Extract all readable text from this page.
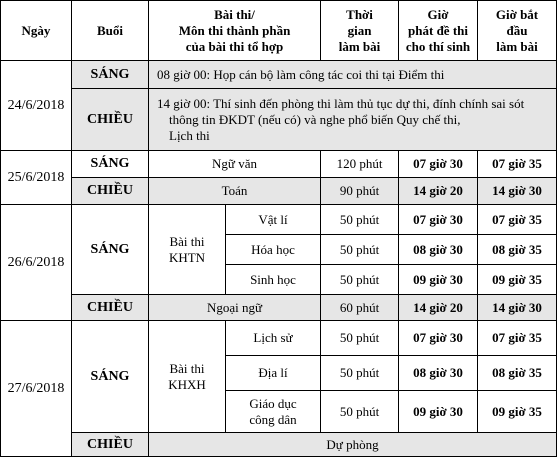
Ngày	Buổi	Bài thi/
Môn thi thành phần
của bài thi tổ hợp		Thời
gian
làm bài	Giờ
phát đề thi
cho thí sinh	Giờ bắt
đầu
làm bài
24/6/2018	SÁNG	08 giờ 00: Họp cán bộ làm công tác coi thi tại Điểm thi				
	CHIỀU	14 giờ 00: Thí sinh đến phòng thi làm thủ tục dự thi, đính chính sai sót
thông tin ĐKDT (nếu có) và nghe phổ biến Quy chế thi,
Lịch thi				
25/6/2018	SÁNG	Ngữ văn		120 phút	07 giờ 30	07 giờ 35
	CHIỀU	Toán		90 phút	14 giờ 20	14 giờ 30
26/6/2018	SÁNG	Bài thi
KHTN	Vật lí	50 phút	07 giờ 30	07 giờ 35
			Hóa học	50 phút	08 giờ 30	08 giờ 35
			Sinh học	50 phút	09 giờ 30	09 giờ 35
	CHIỀU	Ngoại ngữ		60 phút	14 giờ 20	14 giờ 30
27/6/2018	SÁNG	Bài thi
KHXH	Lịch sử	50 phút	07 giờ 30	07 giờ 35
			Địa lí	50 phút	08 giờ 30	08 giờ 35
			Giáo dục
công dân	50 phút	09 giờ 30	09 giờ 35
	CHIỀU	Dự phòng				
